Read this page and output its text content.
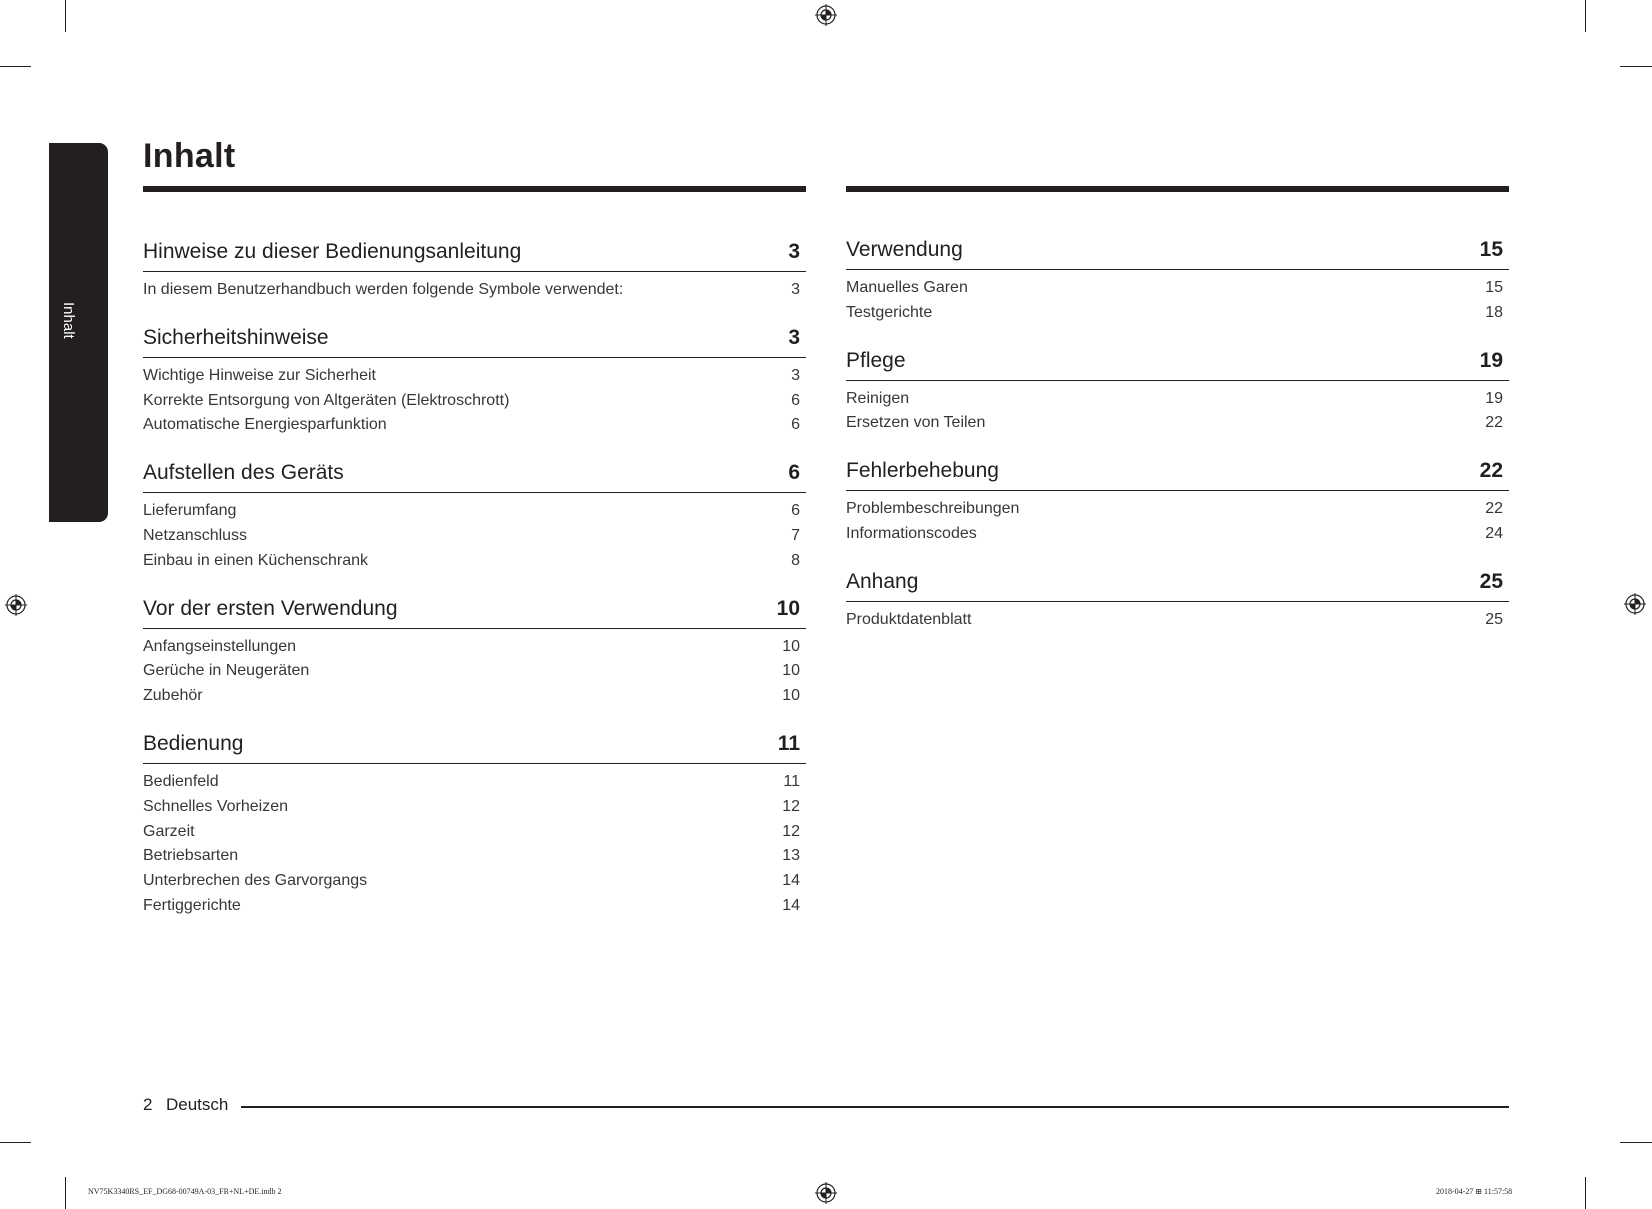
Inhalt
Inhalt
Hinweise zu dieser Bedienungsanleitung	3
In diesem Benutzerhandbuch werden folgende Symbole verwendet:	3
Sicherheitshinweise	3
Wichtige Hinweise zur Sicherheit	3
Korrekte Entsorgung von Altgeräten (Elektroschrott)	6
Automatische Energiesparfunktion	6
Aufstellen des Geräts	6
Lieferumfang	6
Netzanschluss	7
Einbau in einen Küchenschrank	8
Vor der ersten Verwendung	10
Anfangseinstellungen	10
Gerüche in Neugeräten	10
Zubehör	10
Bedienung	11
Bedienfeld	11
Schnelles Vorheizen	12
Garzeit	12
Betriebsarten	13
Unterbrechen des Garvorgangs	14
Fertiggerichte	14
Verwendung	15
Manuelles Garen	15
Testgerichte	18
Pflege	19
Reinigen	19
Ersetzen von Teilen	22
Fehlerbehebung	22
Problembeschreibungen	22
Informationscodes	24
Anhang	25
Produktdatenblatt	25
2 Deutsch
NV75K3340RS_EF_DG68-00749A-03_FR+NL+DE.indb 2	2018-04-27 ⊞ 11:57:58
